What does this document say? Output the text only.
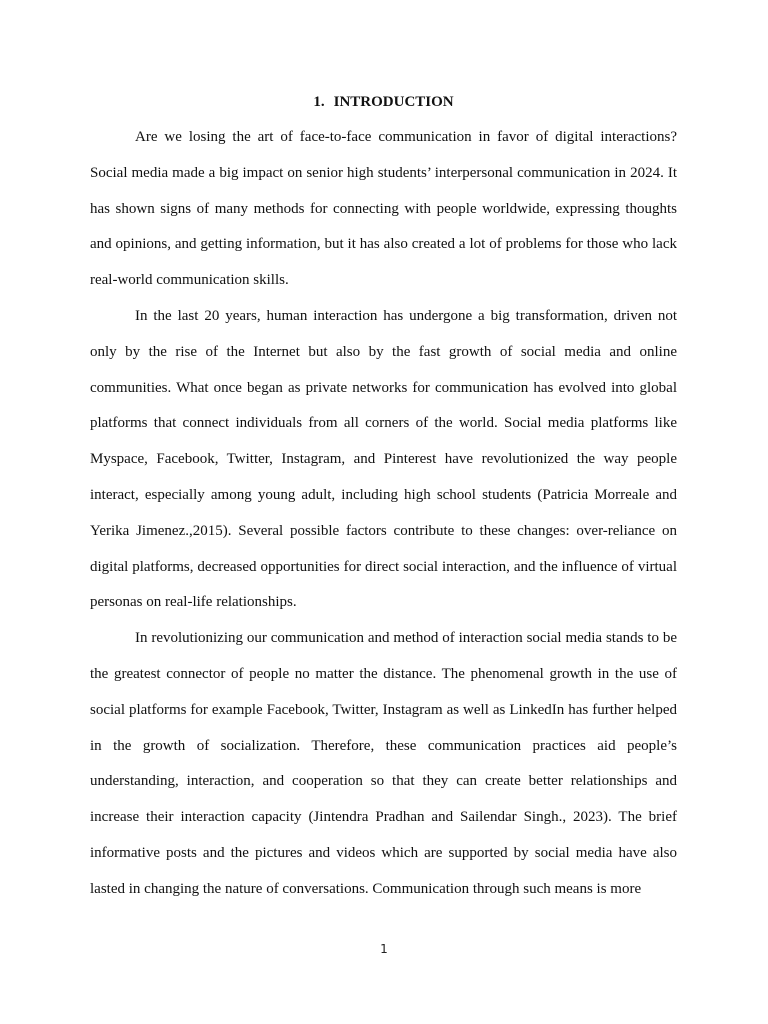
1. INTRODUCTION

Are we losing the art of face-to-face communication in favor of digital interactions? Social media made a big impact on senior high students’ interpersonal communication in 2024. It has shown signs of many methods for connecting with people worldwide, expressing thoughts and opinions, and getting information, but it has also created a lot of problems for those who lack real-world communication skills.

In the last 20 years, human interaction has undergone a big transformation, driven not only by the rise of the Internet but also by the fast growth of social media and online communities. What once began as private networks for communication has evolved into global platforms that connect individuals from all corners of the world. Social media platforms like Myspace, Facebook, Twitter, Instagram, and Pinterest have revolutionized the way people interact, especially among young adult, including high school students (Patricia Morreale and Yerika Jimenez.,2015). Several possible factors contribute to these changes: over-reliance on digital platforms, decreased opportunities for direct social interaction, and the influence of virtual personas on real-life relationships.

In revolutionizing our communication and method of interaction social media stands to be the greatest connector of people no matter the distance. The phenomenal growth in the use of social platforms for example Facebook, Twitter, Instagram as well as LinkedIn has further helped in the growth of socialization. Therefore, these communication practices aid people’s understanding, interaction, and cooperation so that they can create better relationships and increase their interaction capacity (Jintendra Pradhan and Sailendar Singh., 2023). The brief informative posts and the pictures and videos which are supported by social media have also lasted in changing the nature of conversations. Communication through such means is more

1
